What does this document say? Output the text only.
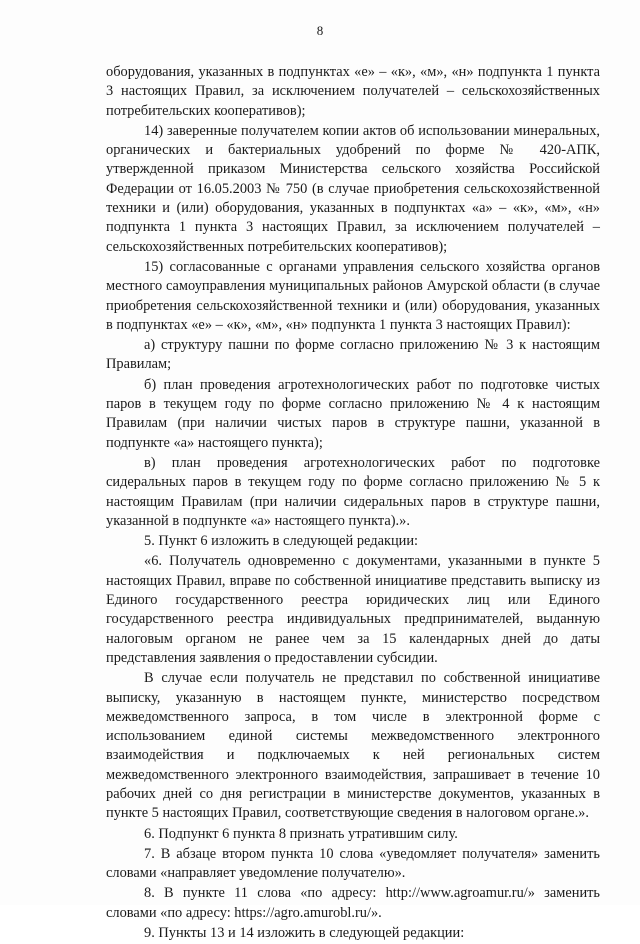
8

оборудования, указанных в подпунктах «е» – «к», «м», «н» подпункта 1 пункта 3 настоящих Правил, за исключением получателей – сельскохозяйственных потребительских кооперативов);

14) заверенные получателем копии актов об использовании минеральных, органических и бактериальных удобрений по форме № 420-АПК, утвержденной приказом Министерства сельского хозяйства Российской Федерации от 16.05.2003 № 750 (в случае приобретения сельскохозяйственной техники и (или) оборудования, указанных в подпунктах «а» – «к», «м», «н» подпункта 1 пункта 3 настоящих Правил, за исключением получателей – сельскохозяйственных потребительских кооперативов);

15) согласованные с органами управления сельского хозяйства органов местного самоуправления муниципальных районов Амурской области (в случае приобретения сельскохозяйственной техники и (или) оборудования, указанных в подпунктах «е» – «к», «м», «н» подпункта 1 пункта 3 настоящих Правил):

а) структуру пашни по форме согласно приложению № 3 к настоящим Правилам;

б) план проведения агротехнологических работ по подготовке чистых паров в текущем году по форме согласно приложению № 4 к настоящим Правилам (при наличии чистых паров в структуре пашни, указанной в подпункте «а» настоящего пункта);

в) план проведения агротехнологических работ по подготовке сидеральных паров в текущем году по форме согласно приложению № 5 к настоящим Правилам (при наличии сидеральных паров в структуре пашни, указанной в подпункте «а» настоящего пункта).».

5. Пункт 6 изложить в следующей редакции:

«6. Получатель одновременно с документами, указанными в пункте 5 настоящих Правил, вправе по собственной инициативе представить выписку из Единого государственного реестра юридических лиц или Единого государственного реестра индивидуальных предпринимателей, выданную налоговым органом не ранее чем за 15 календарных дней до даты представления заявления о предоставлении субсидии.

В случае если получатель не представил по собственной инициативе выписку, указанную в настоящем пункте, министерство посредством межведомственного запроса, в том числе в электронной форме с использованием единой системы межведомственного электронного взаимодействия и подключаемых к ней региональных систем межведомственного электронного взаимодействия, запрашивает в течение 10 рабочих дней со дня регистрации в министерстве документов, указанных в пункте 5 настоящих Правил, соответствующие сведения в налоговом органе.».

6. Подпункт 6 пункта 8 признать утратившим силу.

7. В абзаце втором пункта 10 слова «уведомляет получателя» заменить словами «направляет уведомление получателю».

8. В пункте 11 слова «по адресу: http://www.agroamur.ru/» заменить словами «по адресу: https://agro.amurobl.ru/».

9. Пункты 13 и 14 изложить в следующей редакции:
